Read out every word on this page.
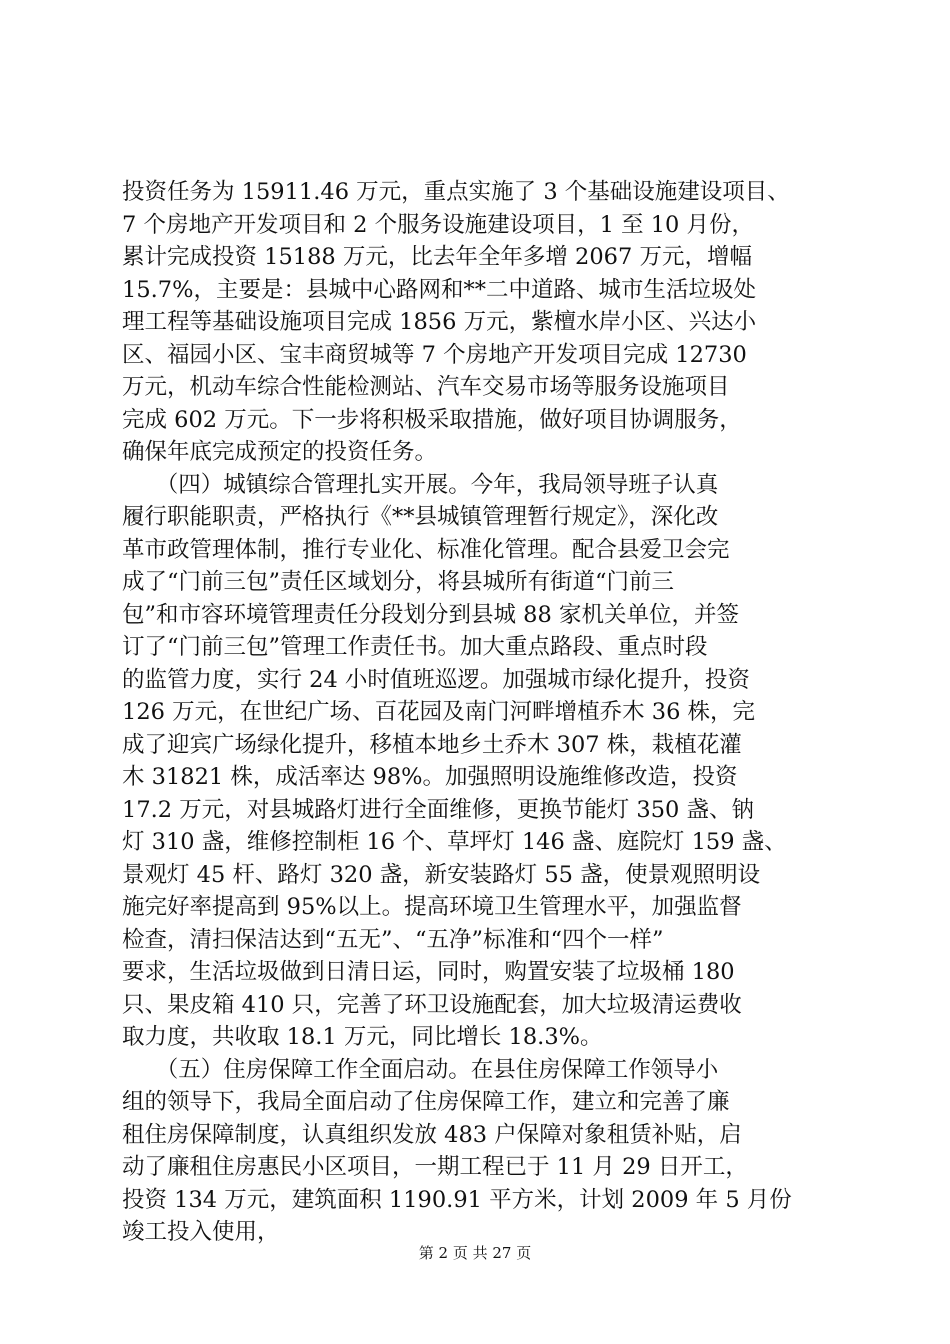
投资任务为 15911.46 万元，重点实施了 3 个基础设施建设项目、
7 个房地产开发项目和 2 个服务设施建设项目，1 至 10 月份，
累计完成投资 15188 万元，比去年全年多增 2067 万元，增幅
15.7%，主要是：县城中心路网和**二中道路、城市生活垃圾处
理工程等基础设施项目完成 1856 万元，紫檀水岸小区、兴达小
区、福园小区、宝丰商贸城等 7 个房地产开发项目完成 12730
万元，机动车综合性能检测站、汽车交易市场等服务设施项目
完成 602 万元。下一步将积极采取措施，做好项目协调服务，
确保年底完成预定的投资任务。
　　（四）城镇综合管理扎实开展。今年，我局领导班子认真
履行职能职责，严格执行《**县城镇管理暂行规定》，深化改
革市政管理体制，推行专业化、标准化管理。配合县爱卫会完
成了“门前三包”责任区域划分，将县城所有街道“门前三
包”和市容环境管理责任分段划分到县城 88 家机关单位，并签
订了“门前三包”管理工作责任书。加大重点路段、重点时段
的监管力度，实行 24 小时值班巡逻。加强城市绿化提升，投资
126 万元，在世纪广场、百花园及南门河畔增植乔木 36 株，完
成了迎宾广场绿化提升，移植本地乡土乔木 307 株，栽植花灌
木 31821 株，成活率达 98%。加强照明设施维修改造，投资
17.2 万元，对县城路灯进行全面维修，更换节能灯 350 盏、钠
灯 310 盏，维修控制柜 16 个、草坪灯 146 盏、庭院灯 159 盏、
景观灯 45 杆、路灯 320 盏，新安装路灯 55 盏，使景观照明设
施完好率提高到 95%以上。提高环境卫生管理水平，加强监督
检查，清扫保洁达到“五无”、“五净”标准和“四个一样”
要求，生活垃圾做到日清日运，同时，购置安装了垃圾桶 180
只、果皮箱 410 只，完善了环卫设施配套，加大垃圾清运费收
取力度，共收取 18.1 万元，同比增长 18.3%。
　　（五）住房保障工作全面启动。在县住房保障工作领导小
组的领导下，我局全面启动了住房保障工作，建立和完善了廉
租住房保障制度，认真组织发放 483 户保障对象租赁补贴，启
动了廉租住房惠民小区项目，一期工程已于 11 月 29 日开工，
投资 134 万元，建筑面积 1190.91 平方米，计划 2009 年 5 月份
竣工投入使用，
第 2 页 共 27 页
